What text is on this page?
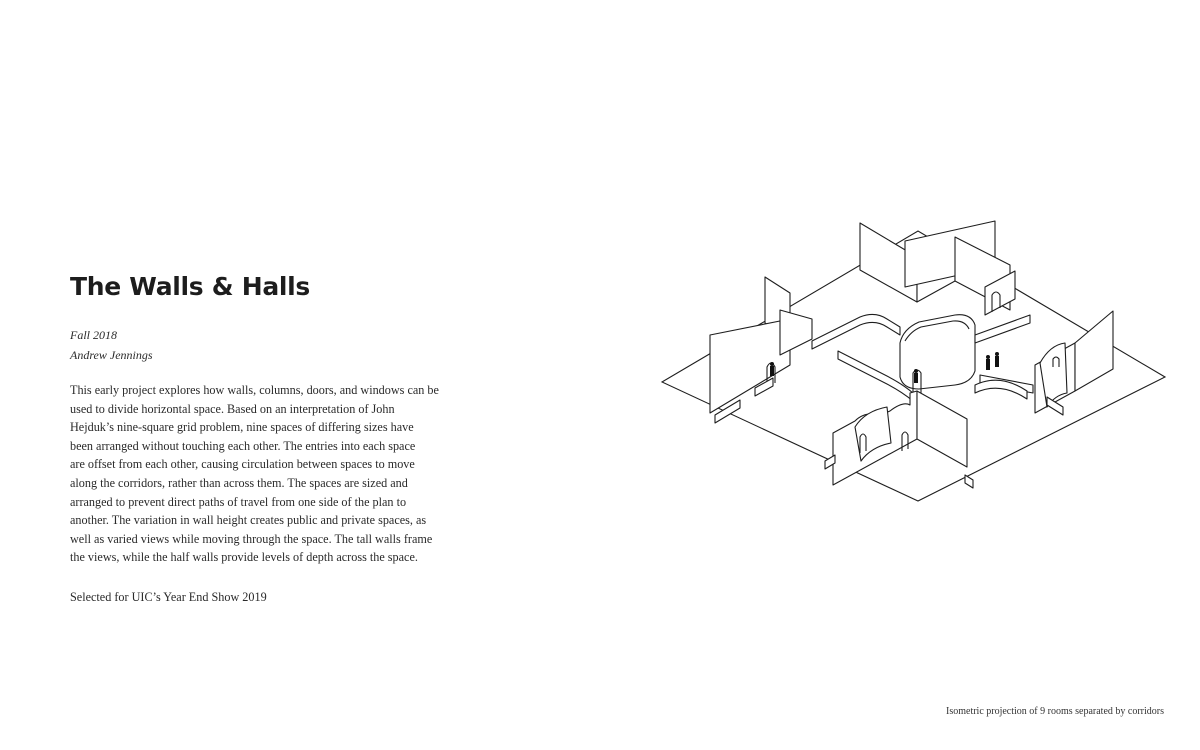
The Walls & Halls
Fall 2018
Andrew Jennings
This early project explores how walls, columns, doors, and windows can be
used to divide horizontal space. Based on an interpretation of John
Hejduk’s nine-square grid problem, nine spaces of differing sizes have
been arranged without touching each other. The entries into each space
are offset from each other, causing circulation between spaces to move
along the corridors, rather than across them. The spaces are sized and
arranged to prevent direct paths of travel from one side of the plan to
another. The variation in wall height creates public and private spaces, as
well as varied views while moving through the space. The tall walls frame
the views, while the half walls provide levels of depth across the space.
Selected for UIC’s Year End Show 2019
Isometric projection of 9 rooms separated by corridors
